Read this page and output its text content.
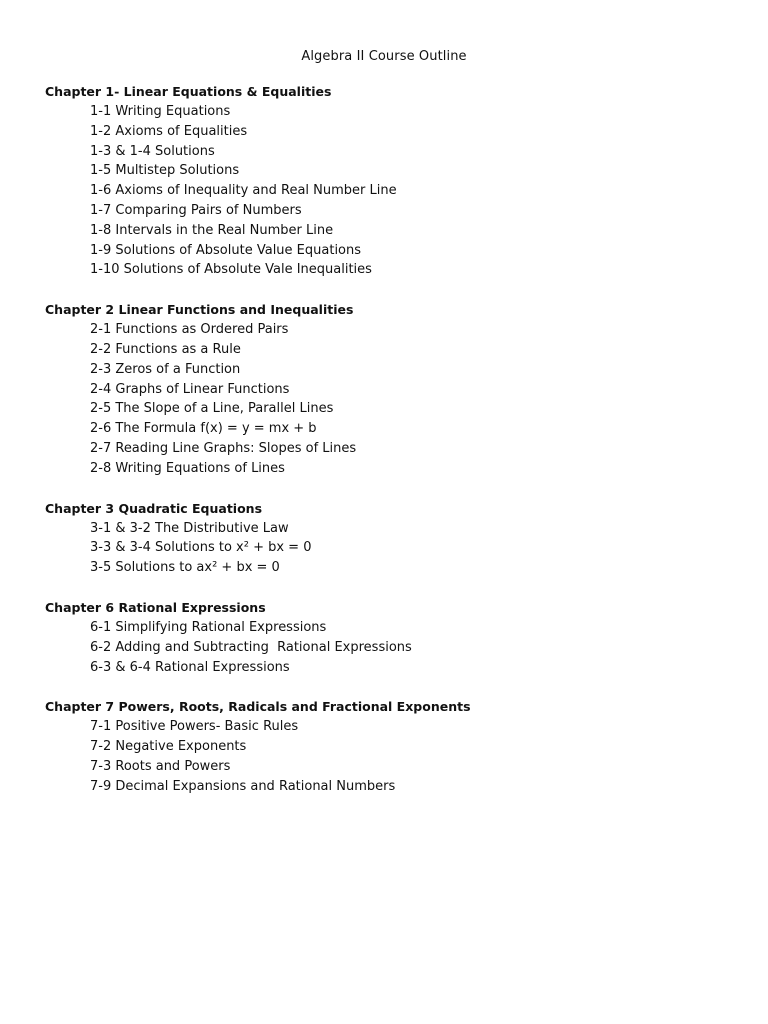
Algebra II Course Outline
Chapter 1- Linear Equations & Equalities
1-1 Writing Equations
1-2 Axioms of Equalities
1-3 & 1-4 Solutions
1-5 Multistep Solutions
1-6 Axioms of Inequality and Real Number Line
1-7 Comparing Pairs of Numbers
1-8 Intervals in the Real Number Line
1-9 Solutions of Absolute Value Equations
1-10 Solutions of Absolute Vale Inequalities
Chapter 2 Linear Functions and Inequalities
2-1 Functions as Ordered Pairs
2-2 Functions as a Rule
2-3 Zeros of a Function
2-4 Graphs of Linear Functions
2-5 The Slope of a Line, Parallel Lines
2-6 The Formula f(x) = y = mx + b
2-7 Reading Line Graphs: Slopes of Lines
2-8 Writing Equations of Lines
Chapter 3 Quadratic Equations
3-1 & 3-2 The Distributive Law
3-3 & 3-4 Solutions to x² + bx = 0
3-5 Solutions to ax² + bx = 0
Chapter 6 Rational Expressions
6-1 Simplifying Rational Expressions
6-2 Adding and Subtracting  Rational Expressions
6-3 & 6-4 Rational Expressions
Chapter 7 Powers, Roots, Radicals and Fractional Exponents
7-1 Positive Powers- Basic Rules
7-2 Negative Exponents
7-3 Roots and Powers
7-9 Decimal Expansions and Rational Numbers
